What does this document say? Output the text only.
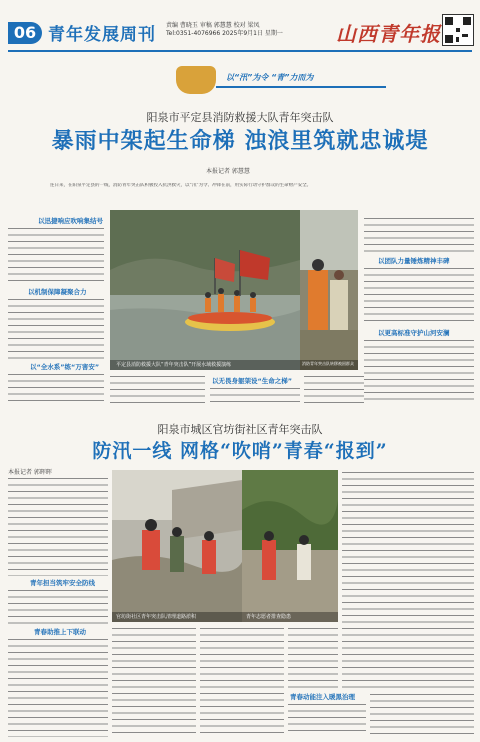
06 青年发展周刊 责编 曹晓玉 审稿 郭慧慧 校对 梁凤
Tel:0351-4076966 2025年9月1日 星期一	山西青年报
以“汛”为令 “青”力而为
阳泉市平定县消防救援大队青年突击队
暴雨中架起生命梯 浊浪里筑就忠诚堤
本报记者 郭慧慧
连日来，在阳泉平定县的一线，消防青年突击队积极投入抗洪救灾，以“汛”为令、冲锋在前，用实际行动守护群众的生命财产安全。
以迅捷响应吹响集结号
以机制保障凝聚合力
以“全水系”练“万害安”	平定县消防救援大队“青年突击队”开展水域救援演练	消防青年突击队转移被困群众
以无畏身躯架设“生命之梯”
以团队力量锤炼精神丰碑
以更高标准守护山河安澜
阳泉市城区官坊街社区青年突击队
防汛一线 网格“吹哨”青春“报到”
本报记者 郭晖晖
青年担当筑牢安全防线
青春助推上下联动
官坊街社区青年突击队清理道路淤积	青年志愿者排查隐患
青春动能注入暖黑治理
